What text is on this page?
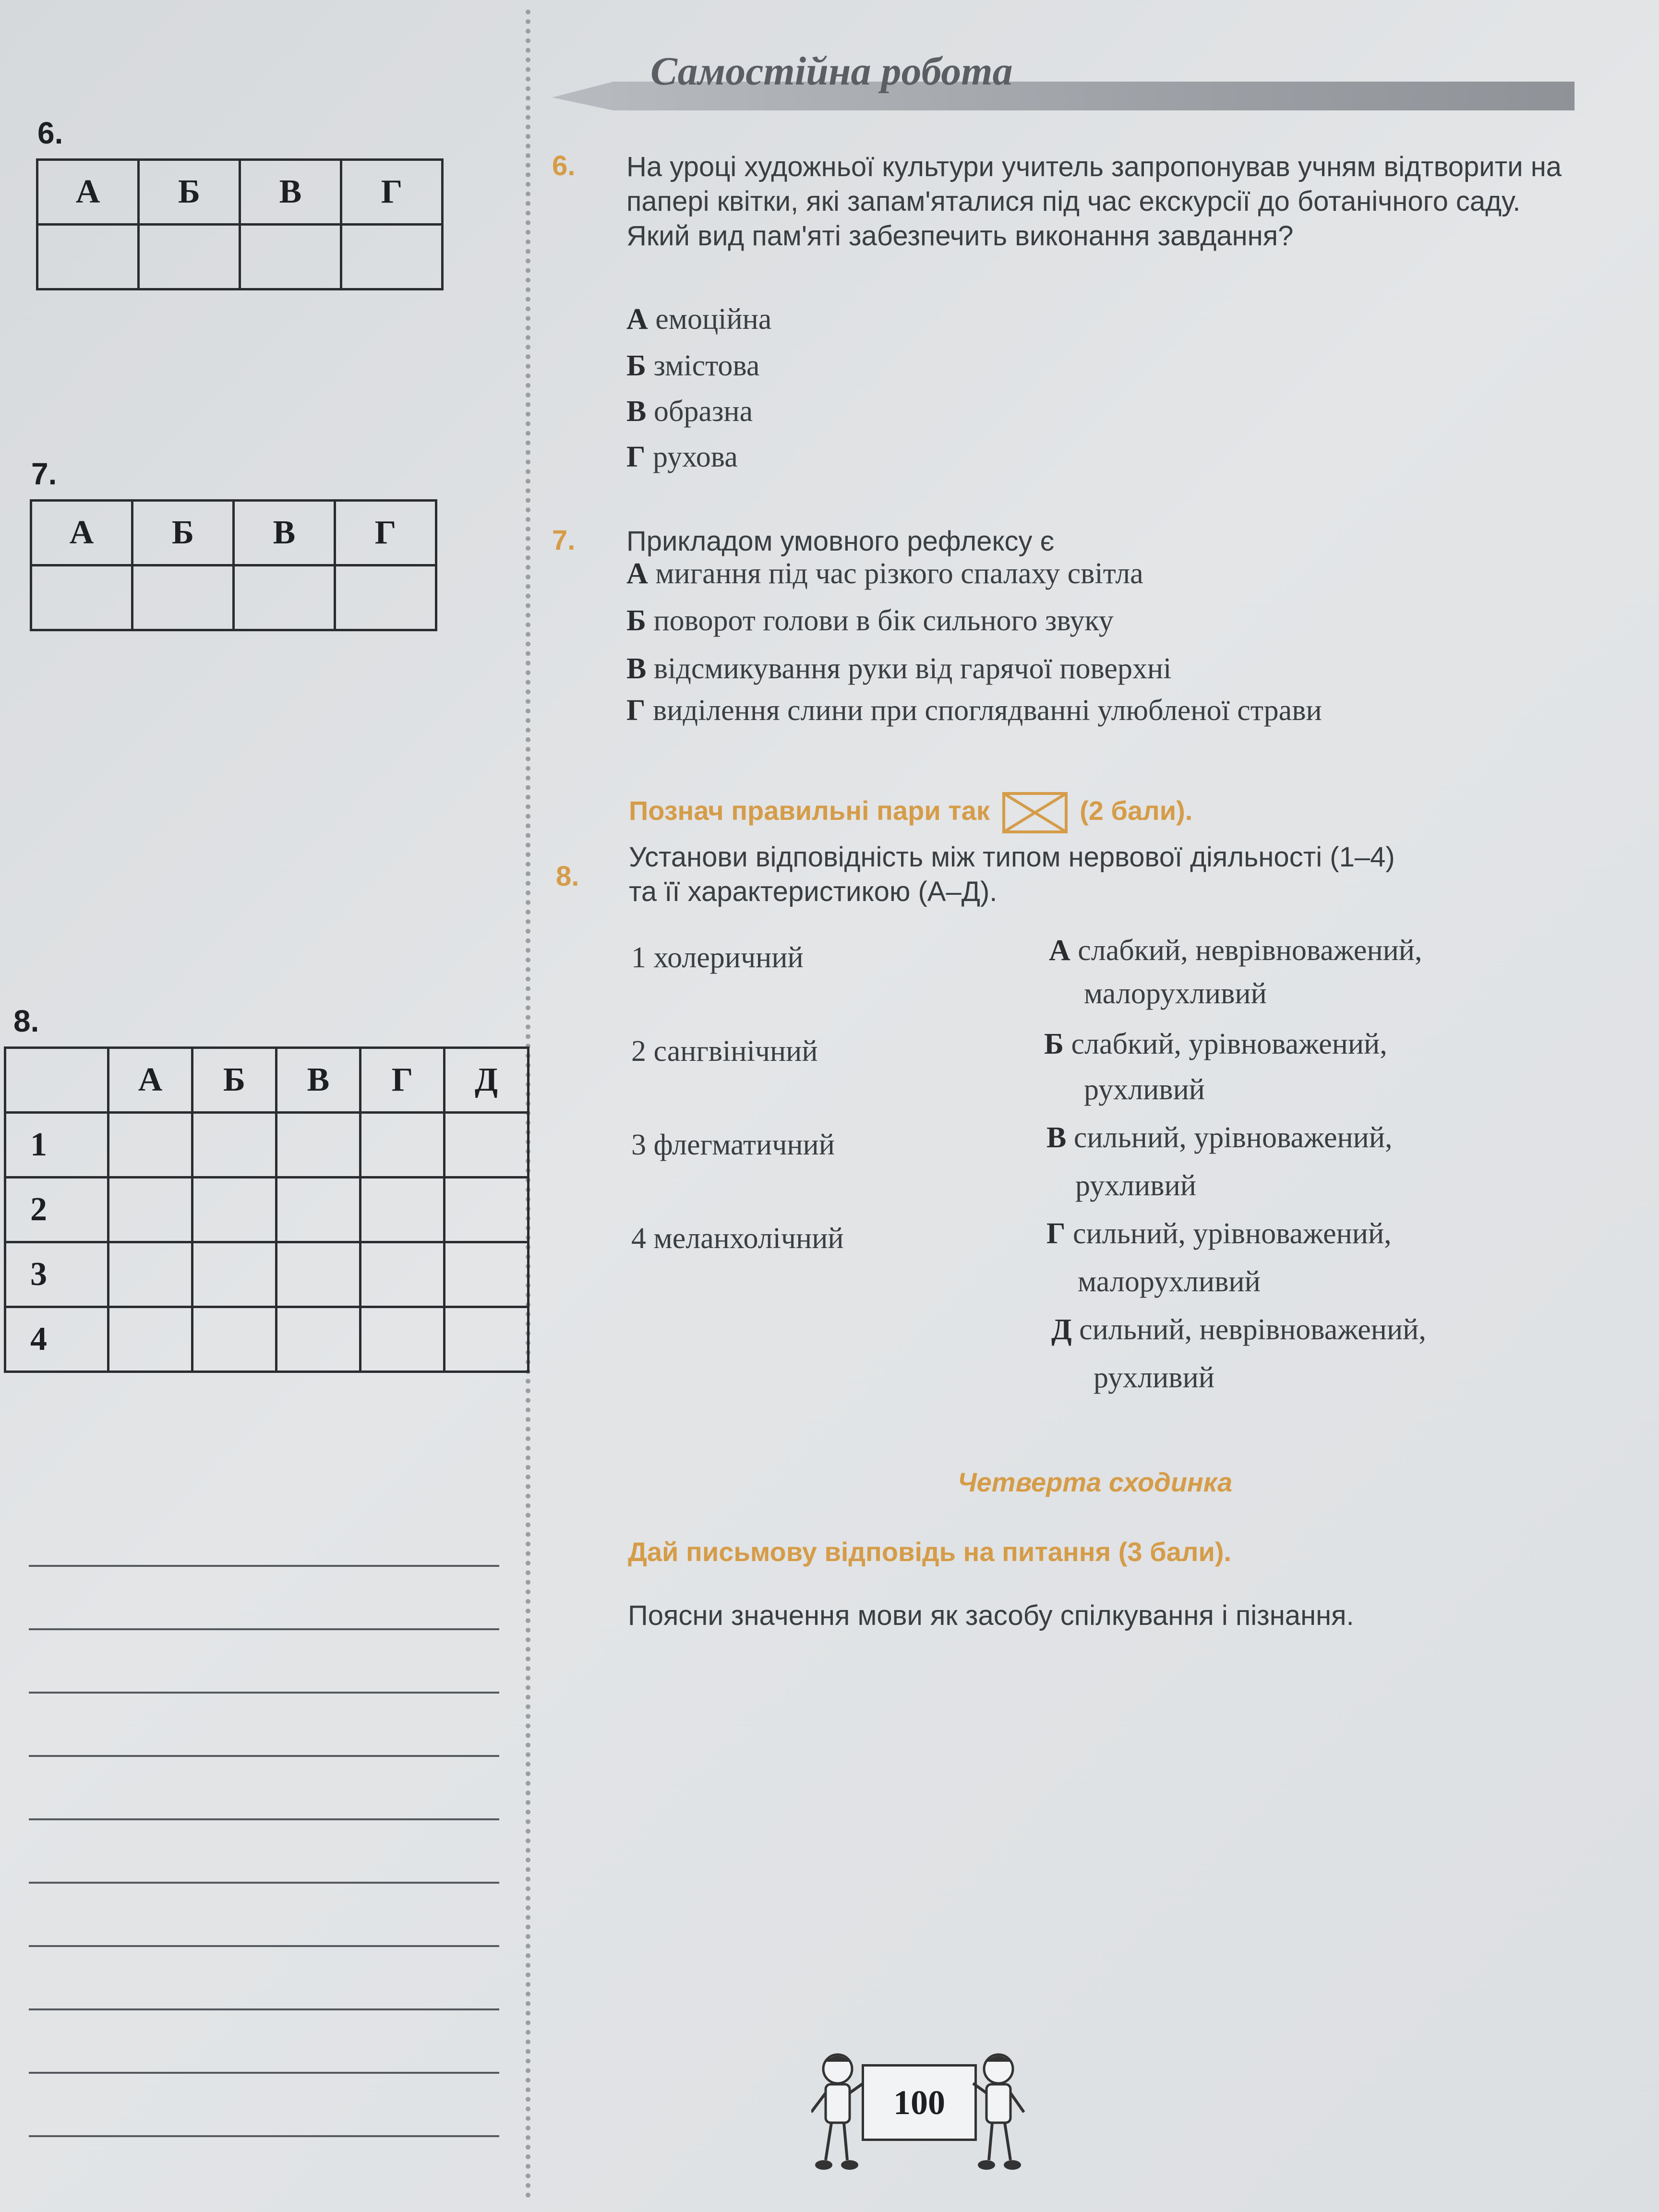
6.
А	Б	В	Г

7.
А	Б	В	Г

8.
	А	Б	В	Г	Д
1					
2					
3					
4					
Самостійна робота
6. На уроці художньої культури учитель запропонував учням відтворити на папері квітки, які запам'яталися під час екскурсії до ботанічного саду. Який вид пам'яті забезпечить виконання завдання?
А емоційна
Б змістова
В образна
Г рухова
7. Прикладом умовного рефлексу є
А мигання під час різкого спалаху світла
Б поворот голови в бік сильного звуку
В відсмикування руки від гарячої поверхні
Г виділення слини при споглядванні улюбленої страви
Познач правильні пари так	(2 бали).
8.
Установи відповідність між типом нервової діяльності (1–4)
та її характеристикою (А–Д).
1 холеричний
2 сангвінічний
3 флегматичний
4 меланхолічний
А слабкий, неврівноважений,
малорухливий
Б слабкий, урівноважений,
рухливий
В сильний, урівноважений,
рухливий
Г сильний, урівноважений,
малорухливий
Д сильний, неврівноважений,
рухливий
Четверта сходинка
Дай письмову відповідь на питання (3 бали).
Поясни значення мови як засобу спілкування і пізнання.
100
